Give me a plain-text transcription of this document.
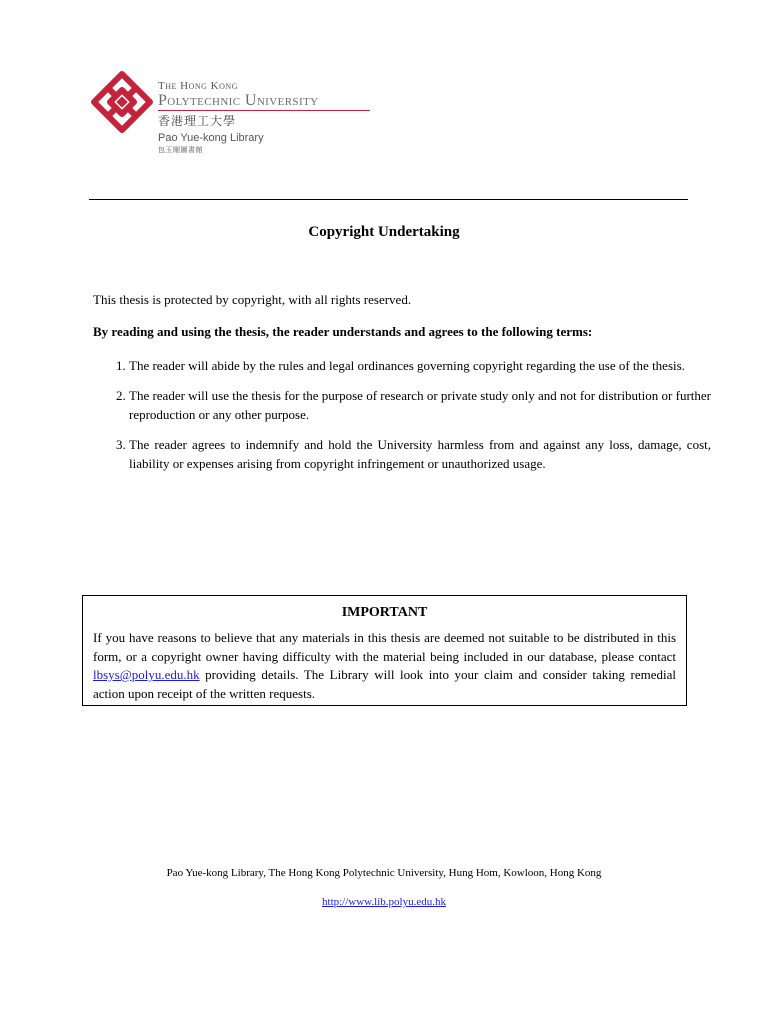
The Hong Kong
Polytechnic University
香港理工大學
Pao Yue-kong Library
包玉剛圖書館
Copyright Undertaking
This thesis is protected by copyright, with all rights reserved.
By reading and using the thesis, the reader understands and agrees to the following terms:
1. The reader will abide by the rules and legal ordinances governing copyright regarding the use of the thesis.
2. The reader will use the thesis for the purpose of research or private study only and not for distribution or further reproduction or any other purpose.
3. The reader agrees to indemnify and hold the University harmless from and against any loss, damage, cost, liability or expenses arising from copyright infringement or unauthorized usage.
IMPORTANT
If you have reasons to believe that any materials in this thesis are deemed not suitable to be distributed in this form, or a copyright owner having difficulty with the material being included in our database, please contact lbsys@polyu.edu.hk providing details. The Library will look into your claim and consider taking remedial action upon receipt of the written requests.
Pao Yue-kong Library, The Hong Kong Polytechnic University, Hung Hom, Kowloon, Hong Kong
http://www.lib.polyu.edu.hk
